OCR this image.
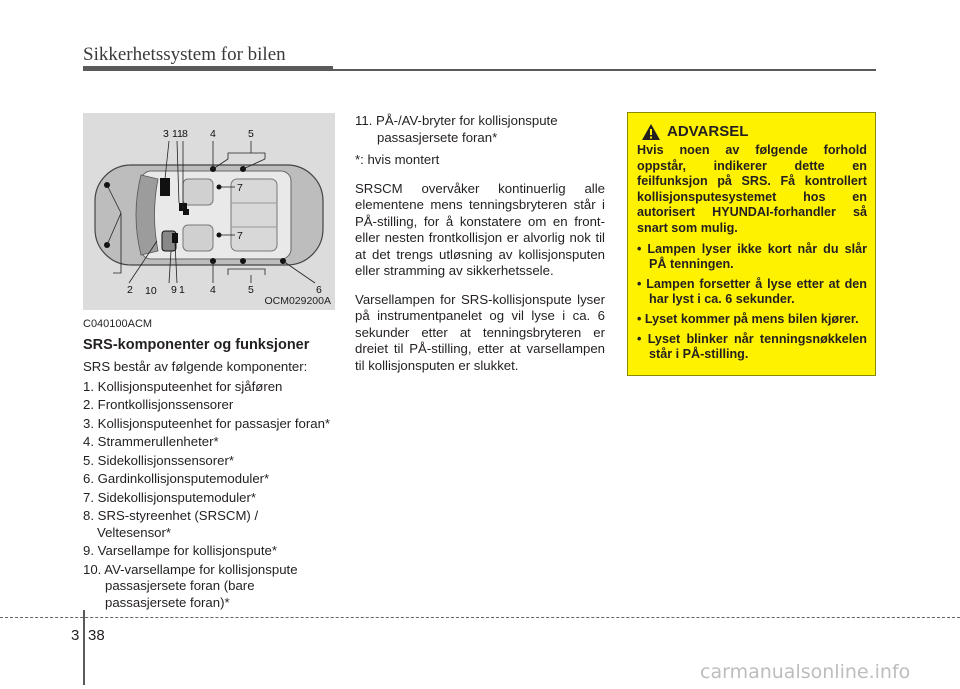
Sikkerhetssystem for bilen
3 11 8 4	5
7
7
2 10 9 1 4	5	6
OCM029200A
C040100ACM
SRS-komponenter og funksjoner
SRS består av følgende komponenter:
1. Kollisjonsputeenhet for sjåføren
2. Frontkollisjonssensorer
3. Kollisjonsputeenhet for passasjer foran*
4. Strammerullenheter*
5. Sidekollisjonssensorer*
6. Gardinkollisjonsputemoduler*
7. Sidekollisjonsputemoduler*
8. SRS-styreenhet (SRSCM) / Veltesensor*
9. Varsellampe for kollisjonspute*
10. AV-varsellampe for kollisjonspute passasjersete foran (bare passasjersete foran)*
11. PÅ-/AV-bryter for kollisjonspute passasjersete foran*

*: hvis montert

SRSCM overvåker kontinuerlig alle elementene mens tenningsbryteren står i PÅ-stilling, for å konstatere om en front- eller nesten frontkollisjon er alvorlig nok til at det trengs utløsning av kollisjonsputen eller stramming av sikkerhetssele.

Varsellampen for SRS-kollisjonspute lyser på instrumentpanelet og vil lyse i ca. 6 sekunder etter at tenningsbryteren er dreiet til PÅ-stilling, etter at varsellampen til kollisjonsputen er slukket.

ADVARSEL
Hvis noen av følgende forhold oppstår, indikerer dette en feilfunksjon på SRS. Få kontrollert kollisjonsputesystemet hos en autorisert HYUNDAI-forhandler så snart som mulig.
• Lampen lyser ikke kort når du slår PÅ tenningen.
• Lampen forsetter å lyse etter at den har lyst i ca. 6 sekunder.
• Lyset kommer på mens bilen kjører.
• Lyset blinker når tenningsnøkkelen står i PÅ-stilling.
3 38
carmanualsonline.info
